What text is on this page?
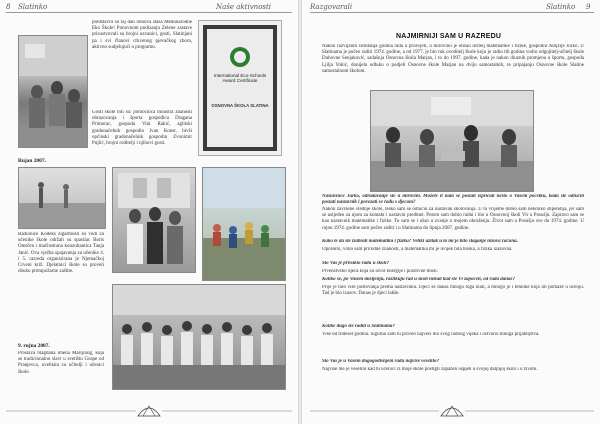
8 Slatinko	Naše aktivnosti
predstavili su taj dan obnova stasa Međunarodne Eko Škole! Ponovnom podizanju Zelene zastave prisustvovali su brojni uzvanici, gosti, Slatinjani pa i svi članovi crkvenog pjevačkog zbora, aktivno sudjelujući u programu.
Gosti škole bili su: pomoćnica ministra znanosti obrazovanja i športa gospođica Dragana Primorac, gospoda Vini Rakić, aglitski gradonačelnik gospodin Ivan Konst, bivši općinski gradonačelnik gospodin Zvonimir Pujlić, brojni roditelji i njihovi gosti.
International Eco-Schools Award Certificate
OSNOVNA ŠKOLA SLATINA
Rujan 2007.
Radionice Kodeks zigarmosti su vodi za učenike škole održali su spasilac Boris Omrčen i mačinstrana konzultantica Tanja Janić. Ova vježba spajavanja za učenike 4. i 5. razreda organizirana je Njemačkoj Crveni križ. Djelatnici škole su proveli obuku protupožarne zaštite.
9. rujna 2007.
Proslava blagdana imena Marijinog, koja se tradicionalno slavi u svetištu Gospe od Pranjevca, uvelitala su učitelji i učenici škole.
Razgovarali	Slatinko 9
NAJMIRNIJI SAM U RAZREDU
Nakon razvijanih čestitanja godina rada u prosvjeti, u mirovinu je otišao učitelj matematike i fizike, gospodin Alojzije Jurko. U Slatinama je počeo raditi 1974. godine, a od 1977. je bio ruk ovoditelj škole koju je radio tih godina vodio odgojitelj-učitelj škole Duhovne Senjaković, sadašnja Osnovna škola Marjan, i to do 1997. godine, kada je nakon diuznih promjena u športu, gospođa Ljilja Vokić, donijela odluku o podjeli Osnovne škole Marjan na dviju samostalnih, te pripajanju Osnovne škole Slatine samostalnom školom.
Nastavnice Jurko, odradavanje ste u mirovini. Možete li nam se poslati ispričati nešto o Vašem početku, kada ste odlučili postati nastavnik i povezati se radu s djecom?
Nakon završene srednje škole, teško sam se odlučio za nastavak školovanja. U to vrijeme dobio sam nekoliko stipendija, jer sam se usljeđen za njom za kontakt i nastavni predmet. Potom sam dobio radni i bio u Osnovnoj školi Vir u Posušju. Zapravo sam se kao nastavnik matematike i fizike. Tu sam se i ušao u zvanje u mojem okruženju. Život sam u Posušju sve do 1974. godine. U rujnu 1974. godine sam počeo raditi i u Slatinama do lipnja 2007. godine.
Kako te da ste izabrali matematiku i fiziku? Veliki užitak u to mi je bilo slaganje nizova računa.
Općenito, volio sam prirodne znanosti, a matematika mi je uvijek bila bliska, a fizika izazovna.
Što Vas je privuklo radu u školi?
Prvenstveno djeca koja su izvor energije i pozitivne misli.
Koliko se, po Vašem mišljenju, razlikuju rad u školi nekad kad ste Vi započeli, od rada danas?
Prije je bilo više poštovanja prema nastavniku. Djeci se danas mnogo toga nudi, a mnogo je i tehnike koja im pomaže u učenju. Tad je bio izazov. Danas je djeci lakše.
Kolike dugo ste radili u Slatinama?
Više od trideset godina. Sigurno sam tu proveo najveći dio svog radnog vijeka i ostvario mnoga prijateljstva.
Što Vas je u Vašem dugogodišnjem radu najviše veselilo?
Najviše me je veselilo kad bi učenici iz moje škole postigli zapažen uspjeh u svojoj daljnjoj školi i u životu.
